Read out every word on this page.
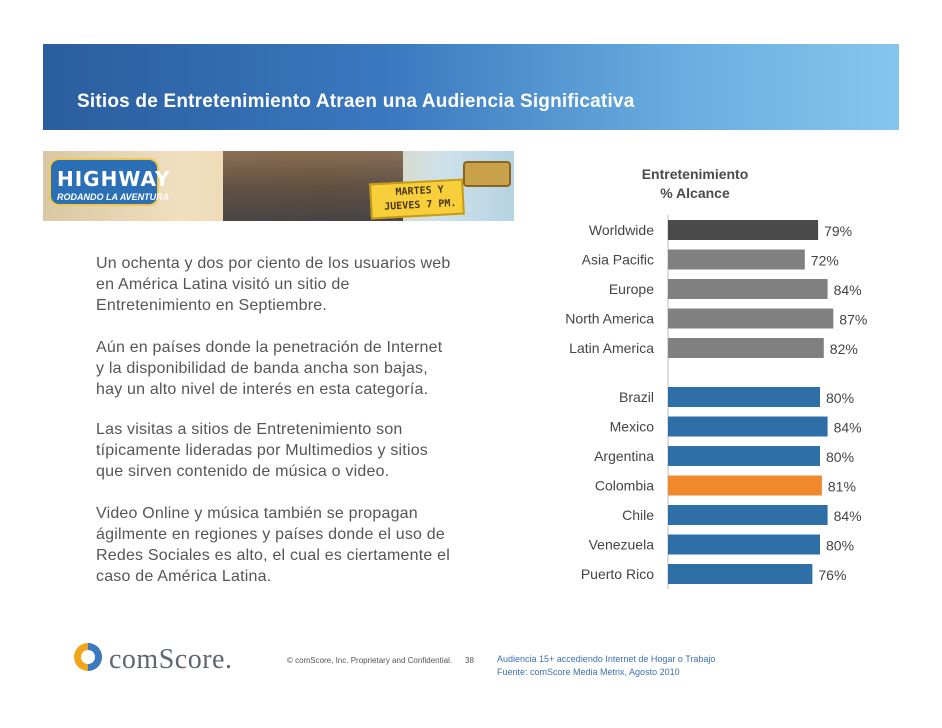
Sitios de Entretenimiento Atraen una Audiencia Significativa
HIGHWAY
RODANDO LA AVENTURA	MARTES Y
JUEVES 7 PM.
Un ochenta y dos por ciento de los usuarios web
en América Latina visitó un sitio de
Entretenimiento en Septiembre.
Aún en países donde la penetración de Internet
y la disponibilidad de banda ancha son bajas,
hay un alto nivel de interés en esta categoría.
Las visitas a sitios de Entretenimiento son
típicamente lideradas por Multimedios y sitios
que sirven contenido de música o video.
Video Online y música también se propagan
ágilmente en regiones y países donde el uso de
Redes Sociales es alto, el cual es ciertamente el
caso de América Latina.
Entretenimiento
% Alcance
Worldwide	79%
Asia Pacific	72%
Europe	84%
North America	87%
Latin America	82%
Brazil	80%
Mexico	84%
Argentina	80%
Colombia	81%
Chile	84%
Venezuela	80%
Puerto Rico	76%
comScore.	© comScore, Inc. Proprietary and Confidential. 38	Audiencia 15+ accediendo Internet de Hogar o Trabajo
Fuente: comScore Media Metrix, Agosto 2010
